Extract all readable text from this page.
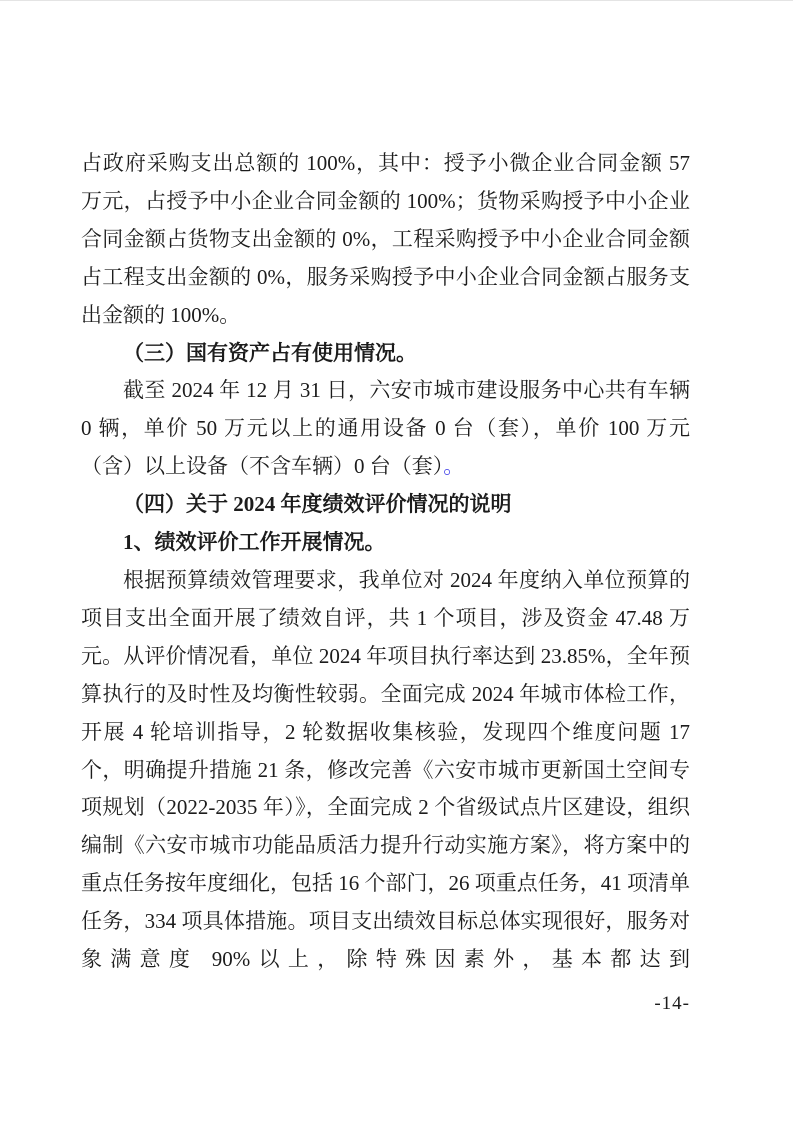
占政府采购支出总额的 100%，其中：授予小微企业合同金额 57 万元，占授予中小企业合同金额的 100%；货物采购授予中小企业合同金额占货物支出金额的 0%，工程采购授予中小企业合同金额占工程支出金额的 0%，服务采购授予中小企业合同金额占服务支出金额的 100%。

（三）国有资产占有使用情况。

截至 2024 年 12 月 31 日，六安市城市建设服务中心共有车辆 0 辆，单价 50 万元以上的通用设备 0 台（套），单价 100 万元（含）以上设备（不含车辆）0 台（套）。

（四）关于 2024 年度绩效评价情况的说明

1、绩效评价工作开展情况。

根据预算绩效管理要求，我单位对 2024 年度纳入单位预算的项目支出全面开展了绩效自评，共 1 个项目，涉及资金 47.48 万元。从评价情况看，单位 2024 年项目执行率达到 23.85%，全年预算执行的及时性及均衡性较弱。全面完成 2024 年城市体检工作，开展 4 轮培训指导，2 轮数据收集核验，发现四个维度问题 17 个，明确提升措施 21 条，修改完善《六安市城市更新国土空间专项规划（2022-2035 年）》，全面完成 2 个省级试点片区建设，组织编制《六安市城市功能品质活力提升行动实施方案》，将方案中的重点任务按年度细化，包括 16 个部门，26 项重点任务，41 项清单任务，334 项具体措施。项目支出绩效目标总体实现很好，服务对象满意度 90%以上，除特殊因素外，基本都达到

-14-
